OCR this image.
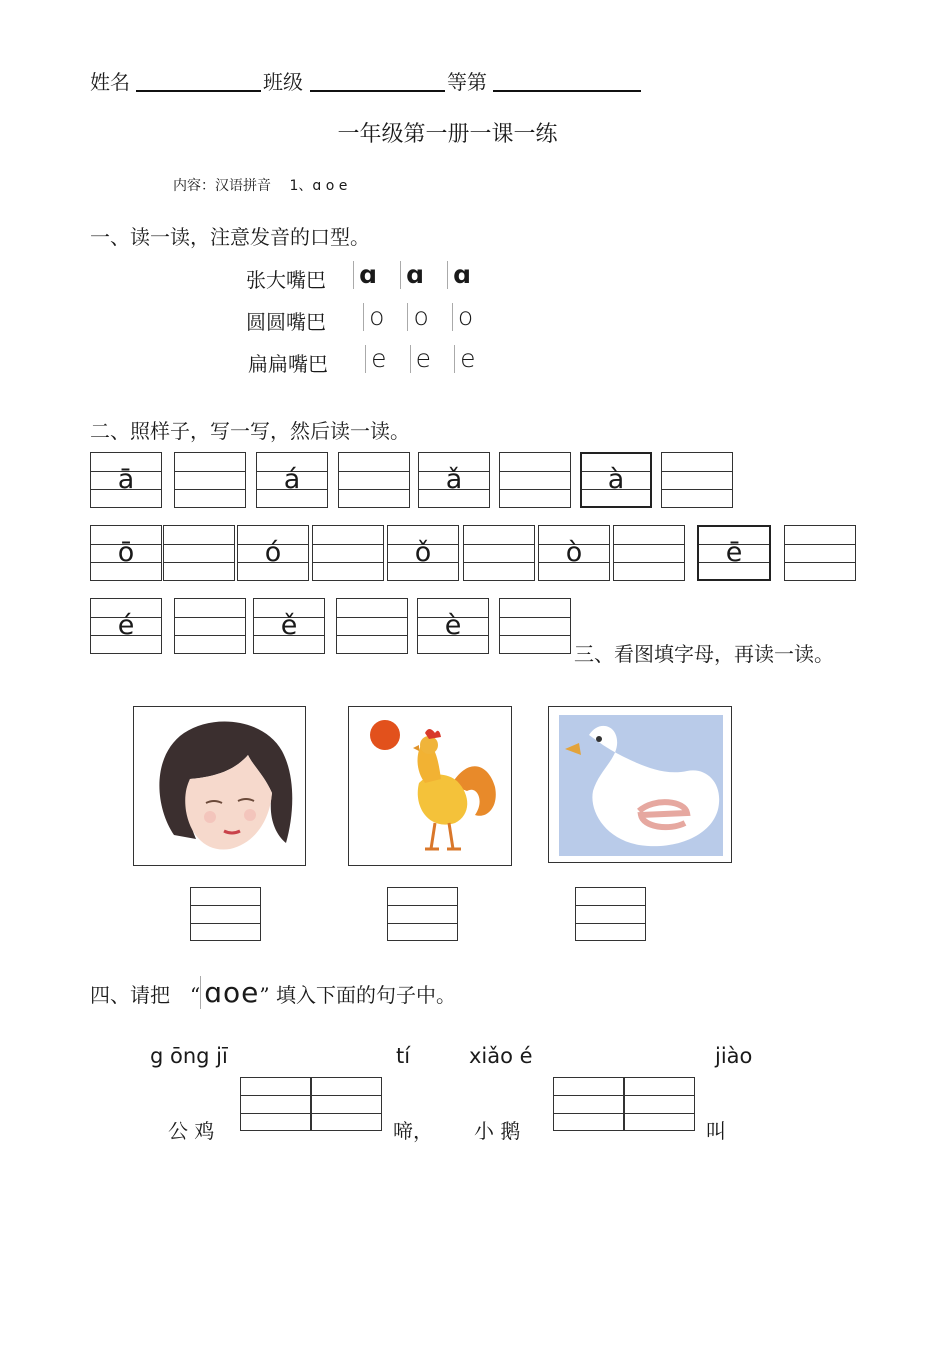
姓名	班级	等第
一年级第一册一课一练
内容：汉语拼音　 1、ɑ o e
一、读一读，注意发音的口型。
张大嘴巴 ɑ ɑ ɑ
圆圆嘴巴 o o o
扁扁嘴巴 e e e
二、照样子，写一写，然后读一读。
ā	á	ǎ	à
ō	ó	ǒ	ò	ē
é	ě	è
三、看图填字母，再读一读。
四、请把　“ ɑoe” 填入下面的句子中。
g ōng jī	tí	xiǎo é	jiào
公 鸡	啼， 小 鹅	叫
